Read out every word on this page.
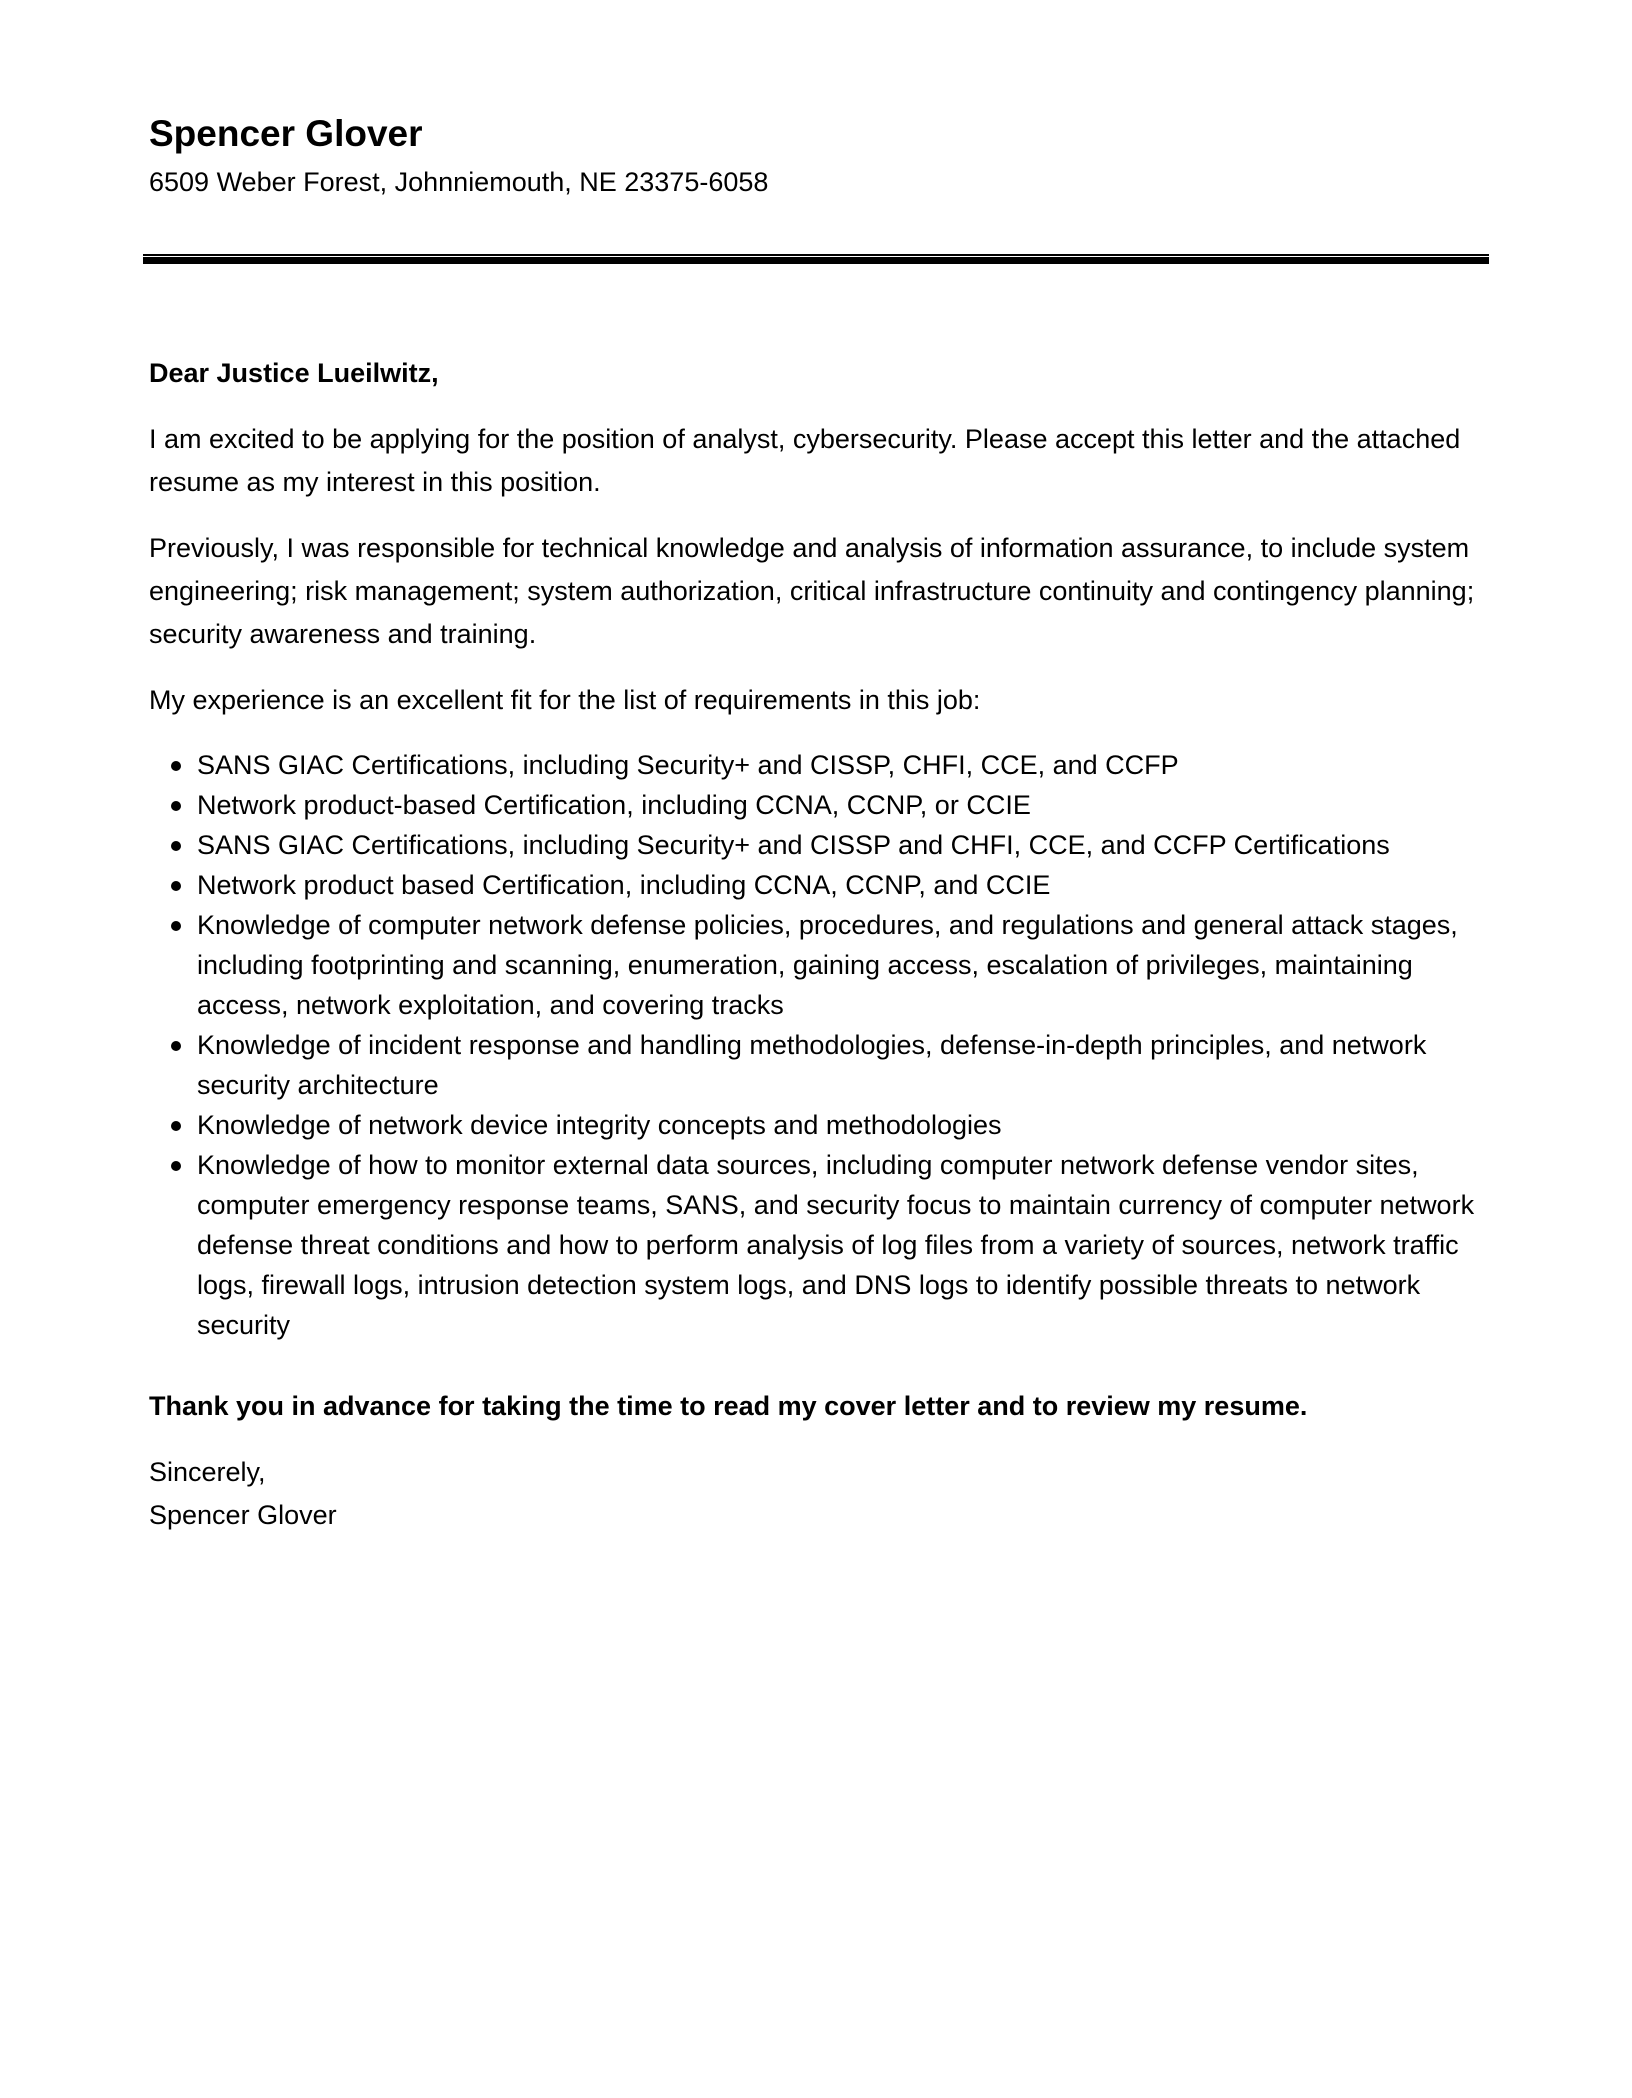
Spencer Glover

6509 Weber Forest, Johnniemouth, NE 23375-6058

Dear Justice Lueilwitz,

I am excited to be applying for the position of analyst, cybersecurity. Please accept this letter and the attached resume as my interest in this position.

Previously, I was responsible for technical knowledge and analysis of information assurance, to include system engineering; risk management; system authorization, critical infrastructure continuity and contingency planning; security awareness and training.

My experience is an excellent fit for the list of requirements in this job:

SANS GIAC Certifications, including Security+ and CISSP, CHFI, CCE, and CCFP
Network product-based Certification, including CCNA, CCNP, or CCIE
SANS GIAC Certifications, including Security+ and CISSP and CHFI, CCE, and CCFP Certifications
Network product based Certification, including CCNA, CCNP, and CCIE
Knowledge of computer network defense policies, procedures, and regulations and general attack stages, including footprinting and scanning, enumeration, gaining access, escalation of privileges, maintaining access, network exploitation, and covering tracks
Knowledge of incident response and handling methodologies, defense-in-depth principles, and network security architecture
Knowledge of network device integrity concepts and methodologies
Knowledge of how to monitor external data sources, including computer network defense vendor sites, computer emergency response teams, SANS, and security focus to maintain currency of computer network defense threat conditions and how to perform analysis of log files from a variety of sources, network traffic logs, firewall logs, intrusion detection system logs, and DNS logs to identify possible threats to network security

Thank you in advance for taking the time to read my cover letter and to review my resume.

Sincerely,

Spencer Glover
